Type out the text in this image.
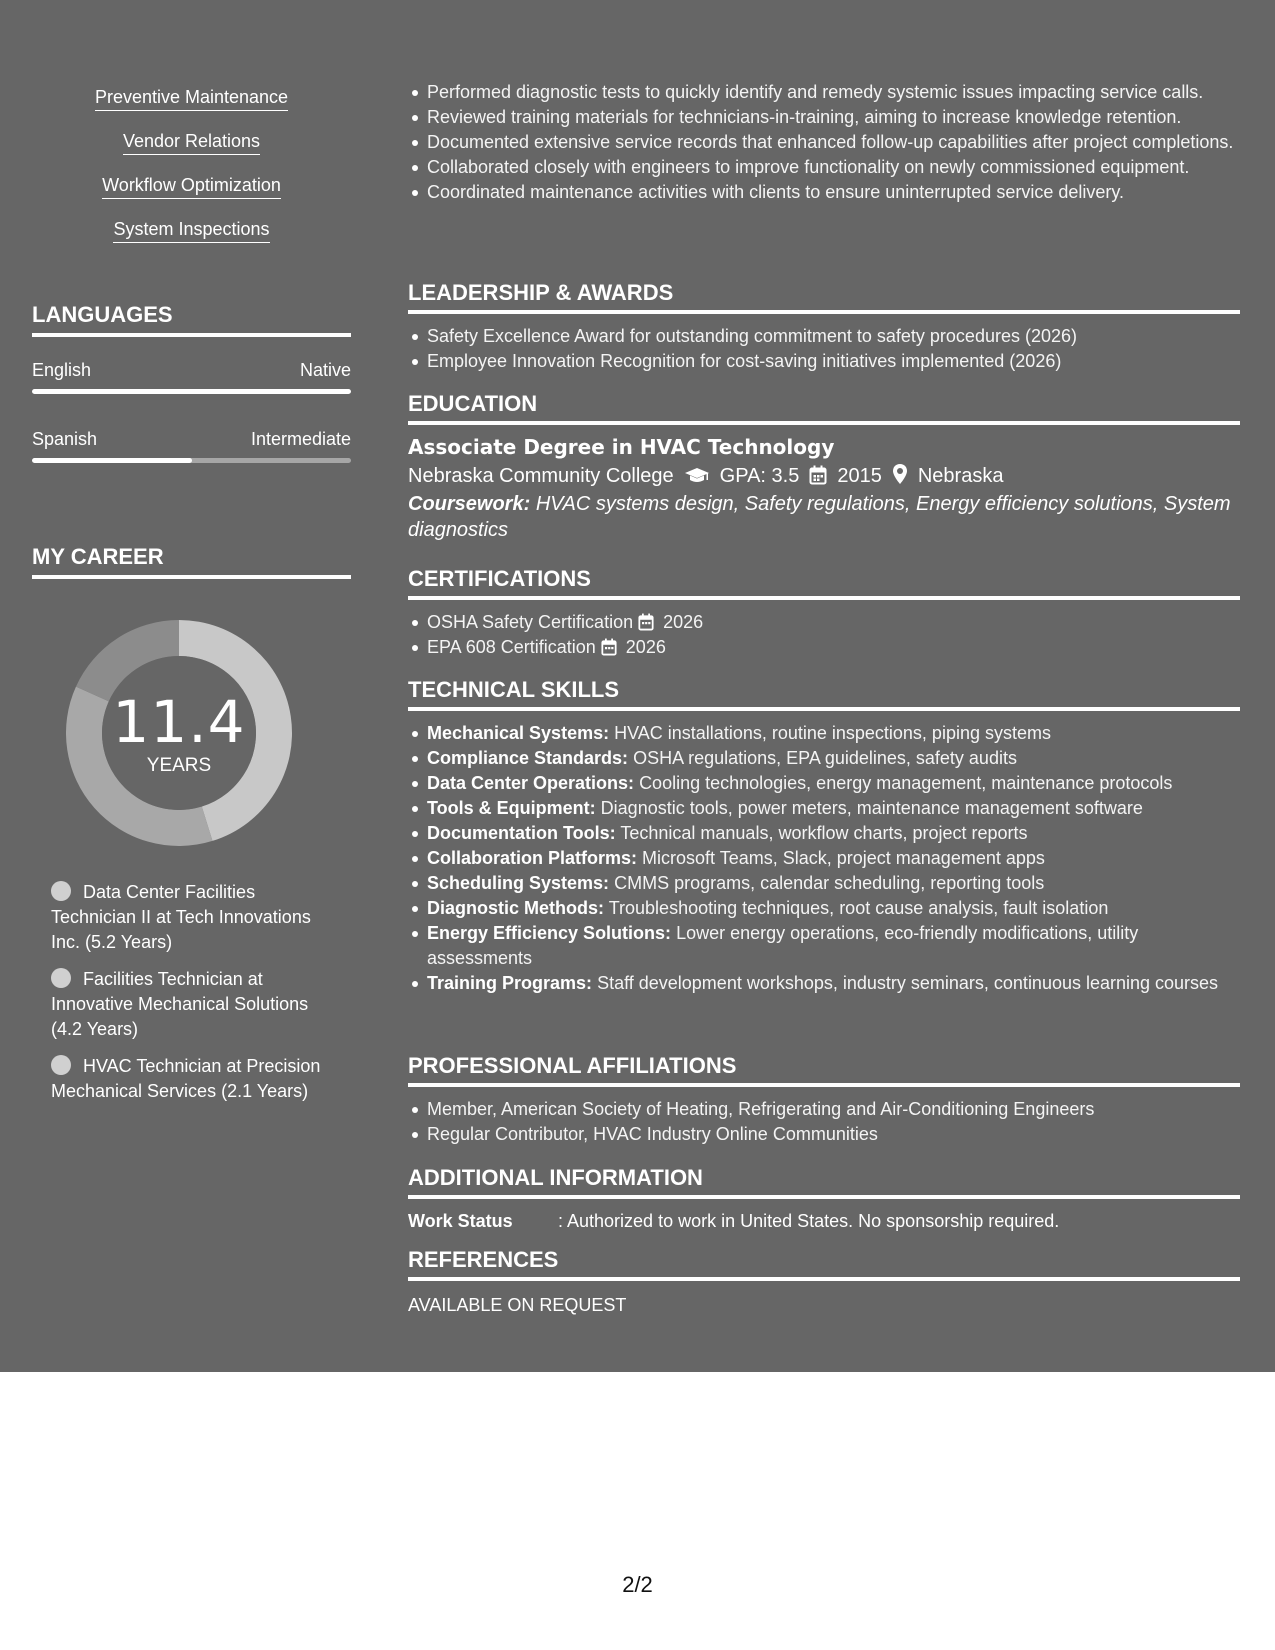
Preventive Maintenance
Vendor Relations
Workflow Optimization
System Inspections
LANGUAGES
English	Native
Spanish	Intermediate
MY CAREER
11.4
YEARS
Data Center Facilities Technician II at Tech Innovations Inc. (5.2 Years)
Facilities Technician at Innovative Mechanical Solutions (4.2 Years)
HVAC Technician at Precision Mechanical Services (2.1 Years)
Performed diagnostic tests to quickly identify and remedy systemic issues impacting service calls.
Reviewed training materials for technicians-in-training, aiming to increase knowledge retention.
Documented extensive service records that enhanced follow-up capabilities after project completions.
Collaborated closely with engineers to improve functionality on newly commissioned equipment.
Coordinated maintenance activities with clients to ensure uninterrupted service delivery.
LEADERSHIP & AWARDS
Safety Excellence Award for outstanding commitment to safety procedures (2026)
Employee Innovation Recognition for cost-saving initiatives implemented (2026)
EDUCATION
Associate Degree in HVAC Technology
Nebraska Community College GPA: 3.5 2015 Nebraska
Coursework: HVAC systems design, Safety regulations, Energy efficiency solutions, System diagnostics
CERTIFICATIONS
OSHA Safety Certification 2026
EPA 608 Certification 2026
TECHNICAL SKILLS
Mechanical Systems: HVAC installations, routine inspections, piping systems
Compliance Standards: OSHA regulations, EPA guidelines, safety audits
Data Center Operations: Cooling technologies, energy management, maintenance protocols
Tools & Equipment: Diagnostic tools, power meters, maintenance management software
Documentation Tools: Technical manuals, workflow charts, project reports
Collaboration Platforms: Microsoft Teams, Slack, project management apps
Scheduling Systems: CMMS programs, calendar scheduling, reporting tools
Diagnostic Methods: Troubleshooting techniques, root cause analysis, fault isolation
Energy Efficiency Solutions: Lower energy operations, eco-friendly modifications, utility assessments
Training Programs: Staff development workshops, industry seminars, continuous learning courses
PROFESSIONAL AFFILIATIONS
Member, American Society of Heating, Refrigerating and Air-Conditioning Engineers
Regular Contributor, HVAC Industry Online Communities
ADDITIONAL INFORMATION
Work Status	: Authorized to work in United States. No sponsorship required.
REFERENCES
AVAILABLE ON REQUEST
2/2
